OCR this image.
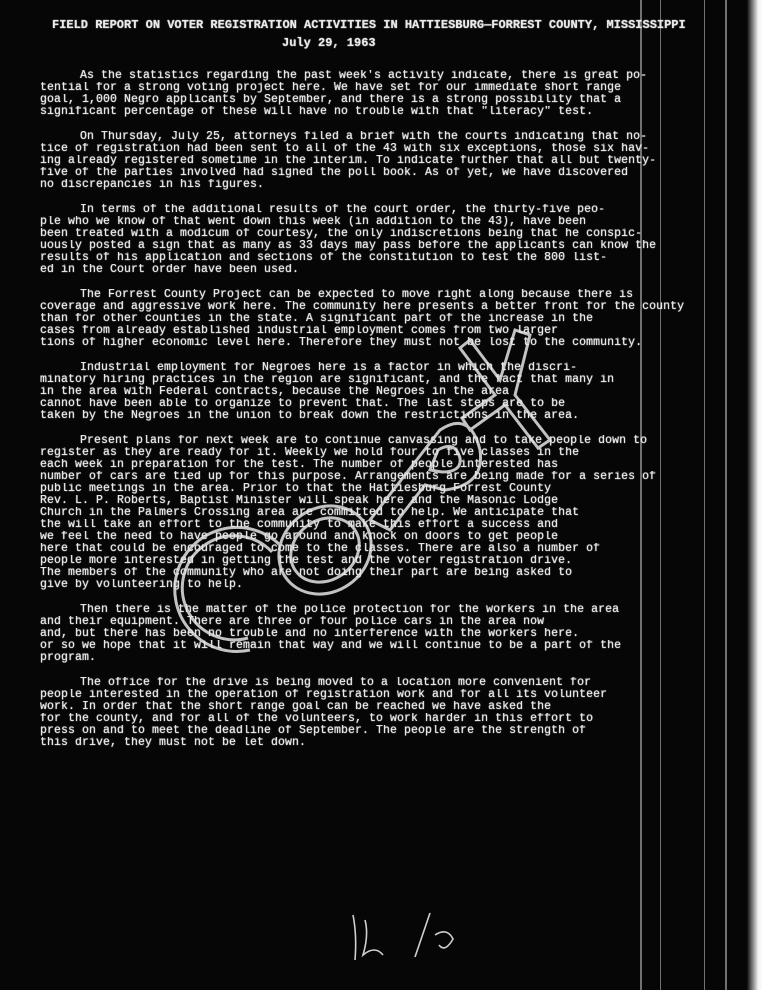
FIELD REPORT ON VOTER REGISTRATION ACTIVITIES IN HATTIESBURG—FORREST COUNTY, MISSISSIPPI
July 29, 1963
As the statistics regarding the past week's activity indicate, there is great po-
tential for a strong voting project here. We have set for our immediate short range
goal, 1,000 Negro applicants by September, and there is a strong possibility that a
significant percentage of these will have no trouble with that "literacy" test.
On Thursday, July 25, attorneys filed a brief with the courts indicating that no-
tice of registration had been sent to all of the 43 with six exceptions, those six hav-
ing already registered sometime in the interim. To indicate further that all but twenty-
five of the parties involved had signed the poll book. As of yet, we have discovered
no discrepancies in his figures.
In terms of the additional results of the court order, the thirty-five peo-
ple who we know of that went down this week (in addition to the 43), have been
been treated with a modicum of courtesy, the only indiscretions being that he conspic-
uously posted a sign that as many as 33 days may pass before the applicants can know the
results of his application and sections of the constitution to test the 800 list-
ed in the Court order have been used.
The Forrest County Project can be expected to move right along because there is
coverage and aggressive work here. The community here presents a better front for the county
than for other counties in the state. A significant part of the increase in the
cases from already established industrial employment comes from two larger
tions of higher economic level here. Therefore they must not be lost to the community.
Industrial employment for Negroes here is a factor in which the discri-
minatory hiring practices in the region are significant, and the fact that many in
in the area with Federal contracts, because the Negroes in the area
cannot have been able to organize to prevent that. The last steps are to be
taken by the Negroes in the union to break down the restrictions in the area.
Present plans for next week are to continue canvassing and to take people down to
register as they are ready for it. Weekly we hold four to five classes in the
each week in preparation for the test. The number of people interested has
number of cars are tied up for this purpose. Arrangements are being made for a series of
public meetings in the area. Prior to that the Hattiesburg Forrest County
Rev. L. P. Roberts, Baptist Minister will speak here and the Masonic Lodge
Church in the Palmers Crossing area are committed to help. We anticipate that
the will take an effort to the community to make this effort a success and
we feel the need to have people go around and knock on doors to get people
here that could be encouraged to come to the classes. There are also a number of
people more interested in getting the test and the voter registration drive.
The members of the community who are not doing their part are being asked to
give by volunteering to help.
Then there is the matter of the police protection for the workers in the area
and their equipment. There are three or four police cars in the area now
and, but there has been no trouble and no interference with the workers here.
or so we hope that it will remain that way and we will continue to be a part of the
program.
The office for the drive is being moved to a location more convenient for
people interested in the operation of registration work and for all its volunteer
work. In order that the short range goal can be reached we have asked the
for the county, and for all of the volunteers, to work harder in this effort to
press on and to meet the deadline of September. The people are the strength of
this drive, they must not be let down.
